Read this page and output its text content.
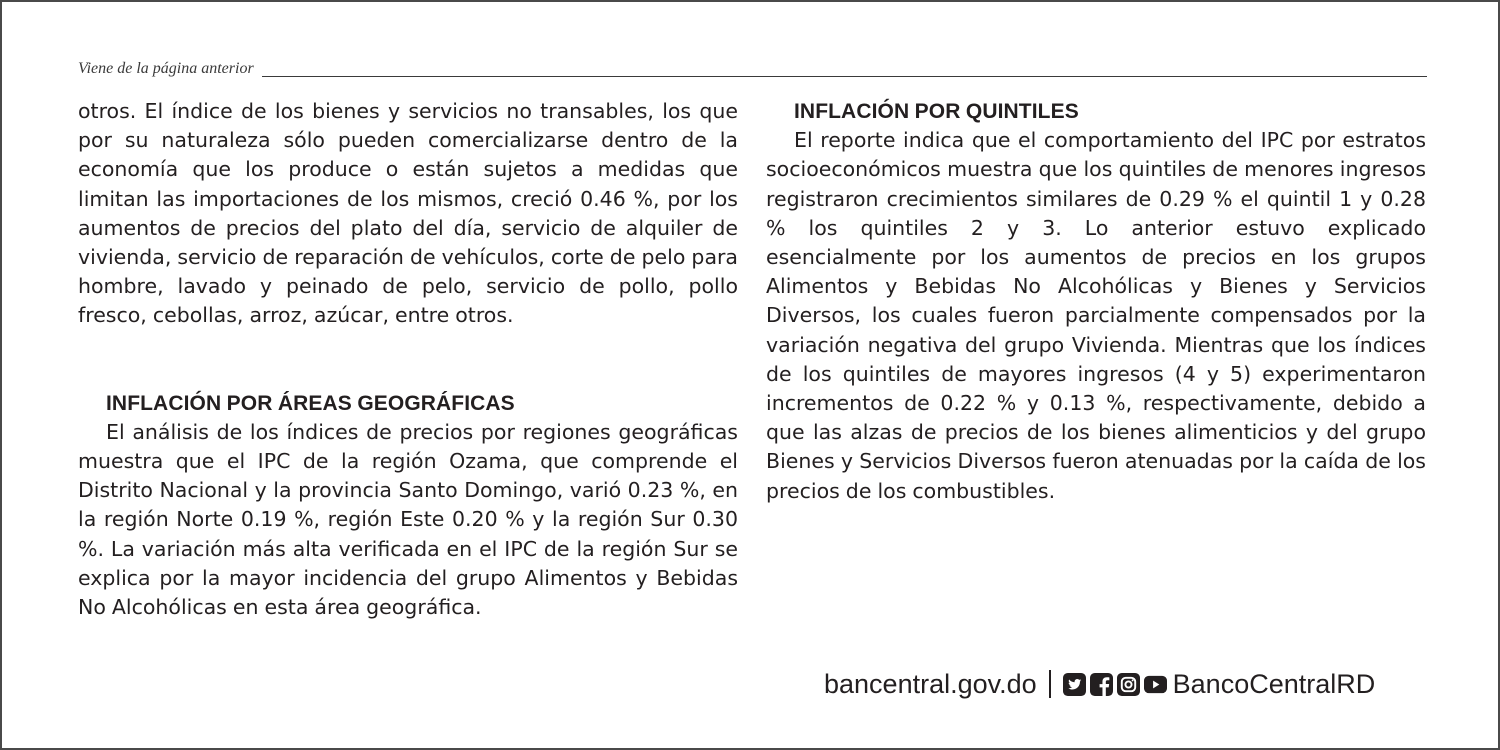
Viene de la página anterior

otros. El índice de los bienes y servicios no transables, los que por su naturaleza sólo pueden comercializarse dentro de la economía que los produce o están sujetos a medidas que limitan las importaciones de los mismos, creció 0.46 %, por los aumentos de precios del plato del día, servicio de alquiler de vivienda, servicio de reparación de vehículos, corte de pelo para hombre, lavado y peinado de pelo, servicio de pollo, pollo fresco, cebollas, arroz, azúcar, entre otros.

INFLACIÓN POR ÁREAS GEOGRÁFICAS

El análisis de los índices de precios por regiones geográficas muestra que el IPC de la región Ozama, que comprende el Distrito Nacional y la provincia Santo Domingo, varió 0.23 %, en la región Norte 0.19 %, región Este 0.20 % y la región Sur 0.30 %. La variación más alta verificada en el IPC de la región Sur se explica por la mayor incidencia del grupo Alimentos y Bebidas No Alcohólicas en esta área geográfica.

INFLACIÓN POR QUINTILES

El reporte indica que el comportamiento del IPC por estratos socioeconómicos muestra que los quintiles de menores ingresos registraron crecimientos similares de 0.29 % el quintil 1 y 0.28 % los quintiles 2 y 3. Lo anterior estuvo explicado esencialmente por los aumentos de precios en los grupos Alimentos y Bebidas No Alcohólicas y Bienes y Servicios Diversos, los cuales fueron parcialmente compensados por la variación negativa del grupo Vivienda. Mientras que los índices de los quintiles de mayores ingresos (4 y 5) experimentaron incrementos de 0.22 % y 0.13 %, respectivamente, debido a que las alzas de precios de los bienes alimenticios y del grupo Bienes y Servicios Diversos fueron atenuadas por la caída de los precios de los combustibles.

bancentral.gov.do	BancoCentralRD
